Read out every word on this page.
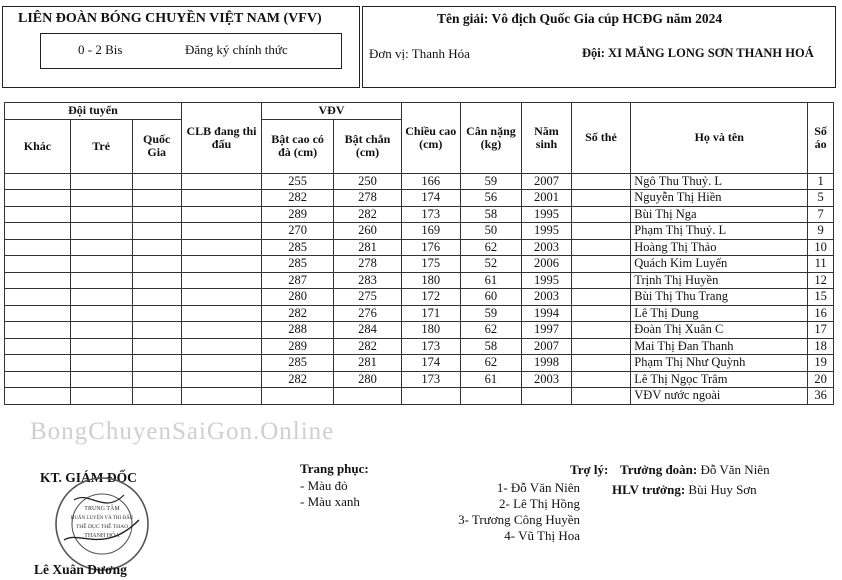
LIÊN ĐOÀN BÓNG CHUYỀN VIỆT NAM (VFV)
Đăng ký chính thức
0 - 2 Bis
Tên giải: Vô địch Quốc Gia cúp HCĐG năm 2024
Đơn vị: Thanh Hóa	Đội: XI MĂNG LONG SƠN THANH HOÁ
Đội tuyển			CLB đang thi đấu	VĐV		Chiều cao (cm)	Cân nặng (kg)	Năm sinh	Số thẻ	Họ và tên	Số áo
Khác	Trẻ	Quốc Gia		Bật cao có đà (cm)	Bật chắn (cm)						
				255	250	166	59	2007		Ngô Thu Thuỷ. L	1
				282	278	174	56	2001		Nguyễn Thị Hiền	5
				289	282	173	58	1995		Bùi Thị Nga	7
				270	260	169	50	1995		Phạm Thị Thuỷ. L	9
				285	281	176	62	2003		Hoàng Thị Thảo	10
				285	278	175	52	2006		Quách Kim Luyến	11
				287	283	180	61	1995		Trịnh Thị Huyền	12
				280	275	172	60	2003		Bùi Thị Thu Trang	15
				282	276	171	59	1994		Lê Thị Dung	16
				288	284	180	62	1997		Đoàn Thị Xuân C	17
				289	282	173	58	2007		Mai Thị Đan Thanh	18
				285	281	174	62	1998		Phạm Thị Như Quỳnh	19
				282	280	173	61	2003		Lê Thị Ngọc Trâm	20
										VĐV nước ngoài	36
BongChuyenSaiGon.Online
Trưởng đoàn: Đỗ Văn Niên
HLV trưởng: Bùi Huy Sơn
Trợ lý:
1- Đỗ Văn Niên
2- Lê Thị Hồng
3- Trương Công Huyền
4- Vũ Thị Hoa
Trang phục:
- Màu đỏ
- Màu xanh
KT. GIÁM ĐỐC
TRUNG TÂM
HUẤN LUYỆN VÀ THI ĐẤU
THỂ DỤC THỂ THAO
THANH HÓA
Lê Xuân Dương
